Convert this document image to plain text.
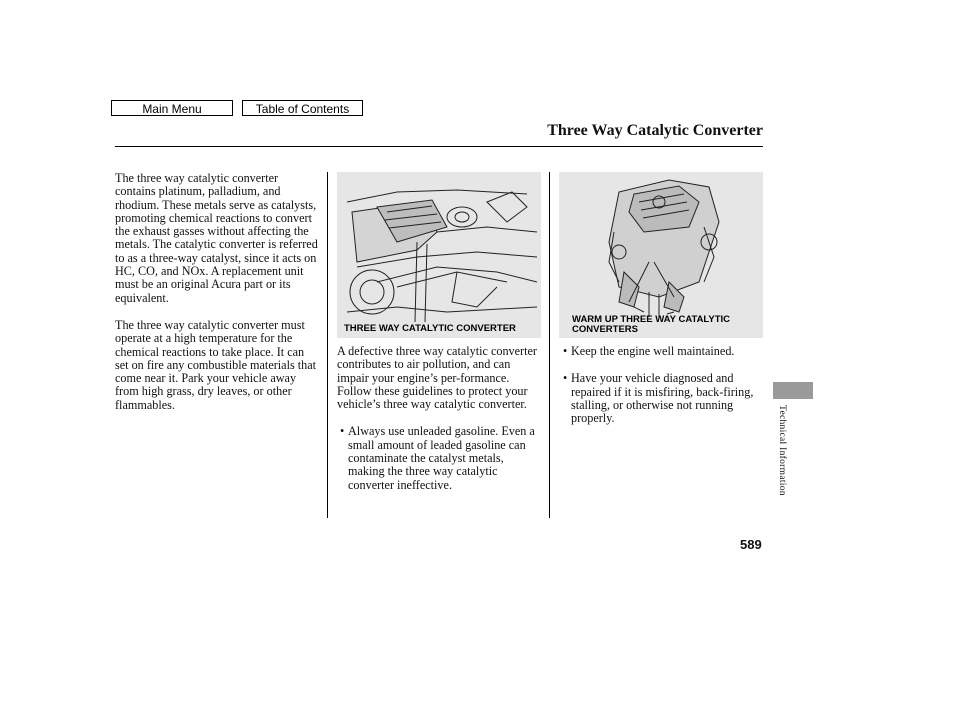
Main Menu	Table of Contents
Three Way Catalytic Converter

The three way catalytic converter contains platinum, palladium, and rhodium. These metals serve as catalysts, promoting chemical reactions to convert the exhaust gasses without affecting the metals. The catalytic converter is referred to as a three-way catalyst, since it acts on HC, CO, and NOx. A replacement unit must be an original Acura part or its equivalent.

The three way catalytic converter must operate at a high temperature for the chemical reactions to take place. It can set on fire any combustible materials that come near it. Park your vehicle away from high grass, dry leaves, or other flammables.

THREE WAY CATALYTIC CONVERTER

A defective three way catalytic converter contributes to air pollution, and can impair your engine’s per-formance. Follow these guidelines to protect your vehicle’s three way catalytic converter.

• Always use unleaded gasoline. Even a small amount of leaded gasoline can contaminate the catalyst metals, making the three way catalytic converter ineffective.
WARM UP THREE WAY CATALYTIC CONVERTERS
• Keep the engine well maintained.
• Have your vehicle diagnosed and repaired if it is misfiring, back-firing, stalling, or otherwise not running properly.	Technical Information
589
